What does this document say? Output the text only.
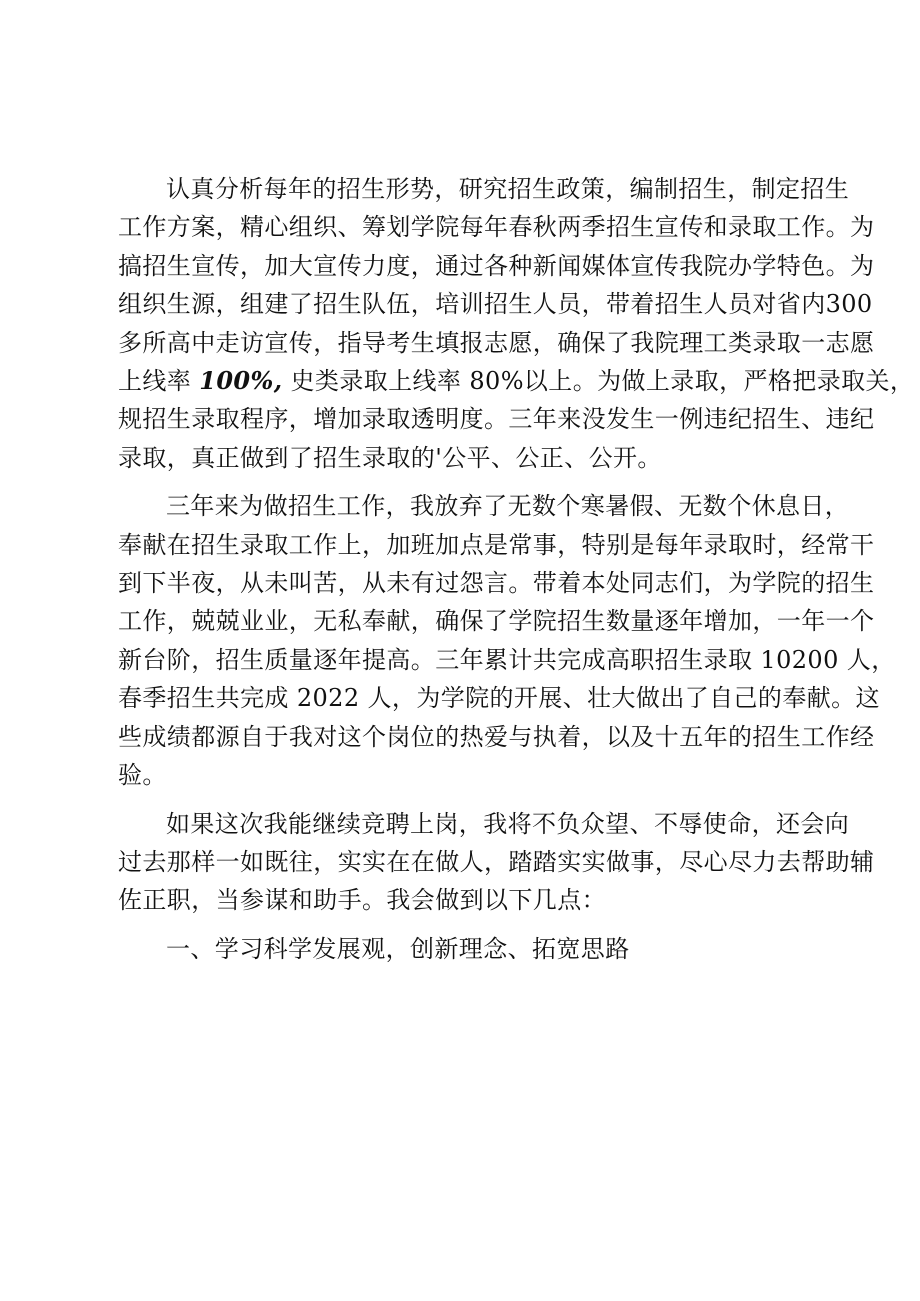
认真分析每年的招生形势，研究招生政策，编制招生，制定招生
工作方案，精心组织、筹划学院每年春秋两季招生宣传和录取工作。为
搞招生宣传，加大宣传力度，通过各种新闻媒体宣传我院办学特色。为
组织生源，组建了招生队伍，培训招生人员，带着招生人员对省内300
多所高中走访宣传，指导考生填报志愿，确保了我院理工类录取一志愿
上线率 100%, 史类录取上线率 80%以上。为做上录取，严格把录取关，
规招生录取程序，增加录取透明度。三年来没发生一例违纪招生、违纪
录取，真正做到了招生录取的'公平、公正、公开。
三年来为做招生工作，我放弃了无数个寒暑假、无数个休息日，
奉献在招生录取工作上，加班加点是常事，特别是每年录取时，经常干
到下半夜，从未叫苦，从未有过怨言。带着本处同志们，为学院的招生
工作，兢兢业业，无私奉献，确保了学院招生数量逐年增加，一年一个
新台阶，招生质量逐年提高。三年累计共完成高职招生录取 10200 人，
春季招生共完成 2022 人，为学院的开展、壮大做出了自己的奉献。这
些成绩都源自于我对这个岗位的热爱与执着，以及十五年的招生工作经
验。
如果这次我能继续竞聘上岗，我将不负众望、不辱使命，还会向
过去那样一如既往，实实在在做人，踏踏实实做事，尽心尽力去帮助辅
佐正职，当参谋和助手。我会做到以下几点：
一、学习科学发展观，创新理念、拓宽思路
